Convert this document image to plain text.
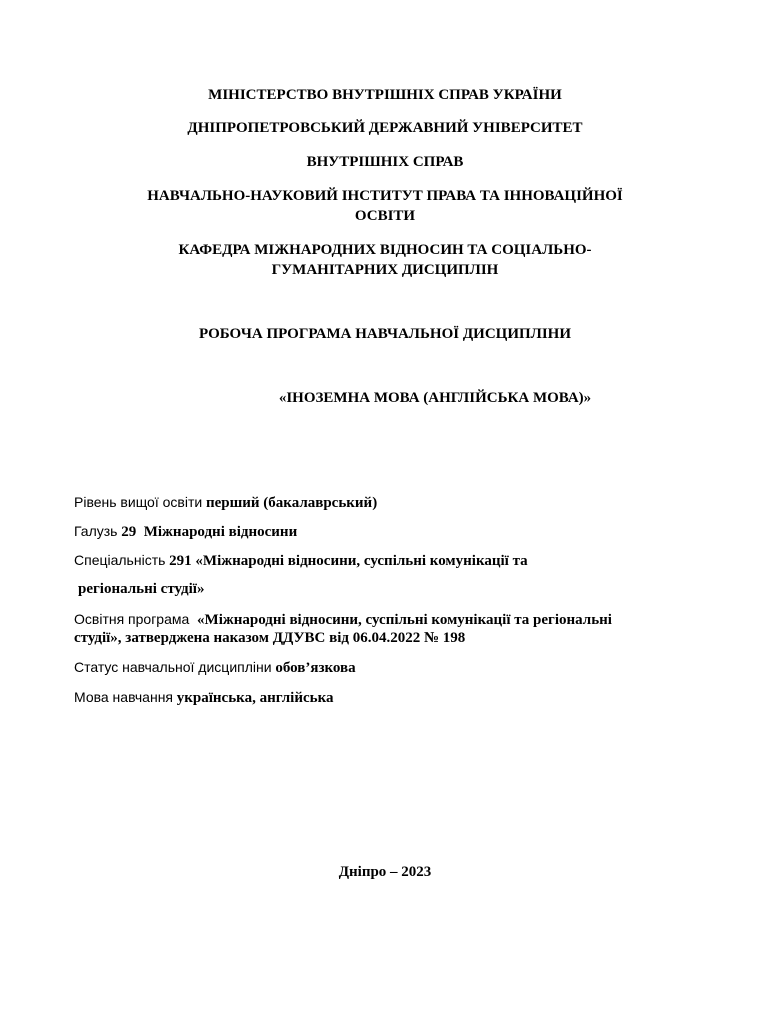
МІНІСТЕРСТВО ВНУТРІШНІХ СПРАВ УКРАЇНИ
ДНІПРОПЕТРОВСЬКИЙ ДЕРЖАВНИЙ УНІВЕРСИТЕТ
ВНУТРІШНІХ СПРАВ
НАВЧАЛЬНО-НАУКОВИЙ ІНСТИТУТ ПРАВА ТА ІННОВАЦІЙНОЇ
ОСВІТИ
КАФЕДРА МІЖНАРОДНИХ ВІДНОСИН ТА СОЦІАЛЬНО-
ГУМАНІТАРНИХ ДИСЦИПЛІН
РОБОЧА ПРОГРАМА НАВЧАЛЬНОЇ ДИСЦИПЛІНИ
«ІНОЗЕМНА МОВА (АНГЛІЙСЬКА МОВА)»
Рівень вищої освіти перший (бакалаврський)
Галузь 29  Міжнародні відносини
Спеціальність 291 «Міжнародні відносини, суспільні комунікації та
регіональні студії»
Освітня програма «Міжнародні відносини, суспільні комунікації та регіональні
студії», затверджена наказом ДДУВС від 06.04.2022 № 198
Статус навчальної дисципліни обов’язкова
Мова навчання українська, англійська
Дніпро – 2023
